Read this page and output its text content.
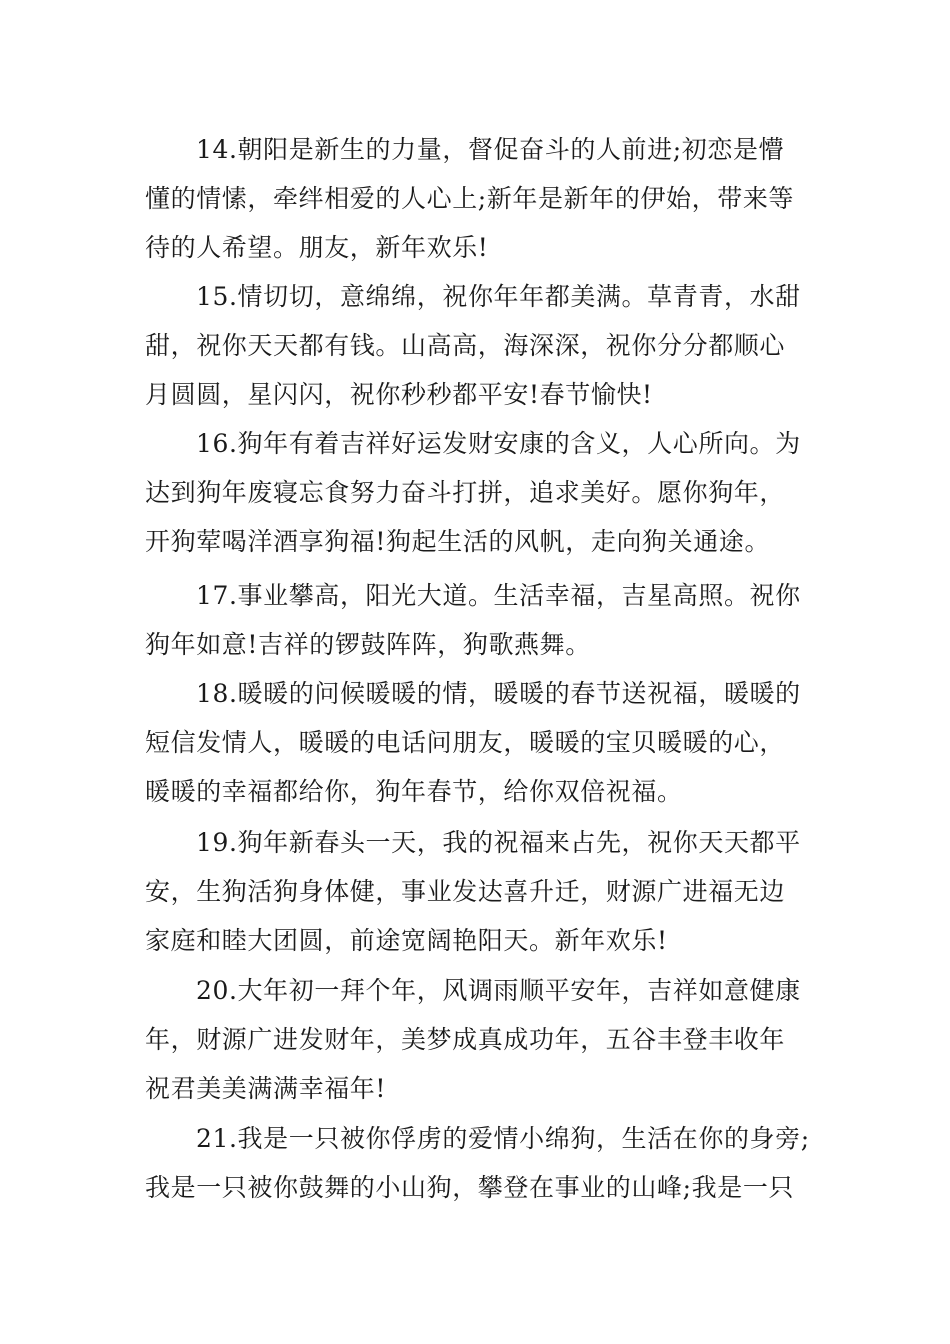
14.朝阳是新生的力量，督促奋斗的人前进;初恋是懵

懂的情愫，牵绊相爱的人心上;新年是新年的伊始，带来等

待的人希望。朋友，新年欢乐!

15.情切切，意绵绵，祝你年年都美满。草青青，水甜

甜，祝你天天都有钱。山高高，海深深，祝你分分都顺心

月圆圆，星闪闪，祝你秒秒都平安!春节愉快!

16.狗年有着吉祥好运发财安康的含义，人心所向。为

达到狗年废寝忘食努力奋斗打拼，追求美好。愿你狗年，

开狗荤喝洋酒享狗福!狗起生活的风帆，走向狗关通途。

17.事业攀高，阳光大道。生活幸福，吉星高照。祝你

狗年如意!吉祥的锣鼓阵阵，狗歌燕舞。

18.暖暖的问候暖暖的情，暖暖的春节送祝福，暖暖的

短信发情人，暖暖的电话问朋友，暖暖的宝贝暖暖的心，

暖暖的幸福都给你，狗年春节，给你双倍祝福。

19.狗年新春头一天，我的祝福来占先，祝你天天都平

安，生狗活狗身体健，事业发达喜升迁，财源广进福无边

家庭和睦大团圆，前途宽阔艳阳天。新年欢乐!

20.大年初一拜个年，风调雨顺平安年，吉祥如意健康

年，财源广进发财年，美梦成真成功年，五谷丰登丰收年

祝君美美满满幸福年!

21.我是一只被你俘虏的爱情小绵狗，生活在你的身旁;

我是一只被你鼓舞的小山狗，攀登在事业的山峰;我是一只
